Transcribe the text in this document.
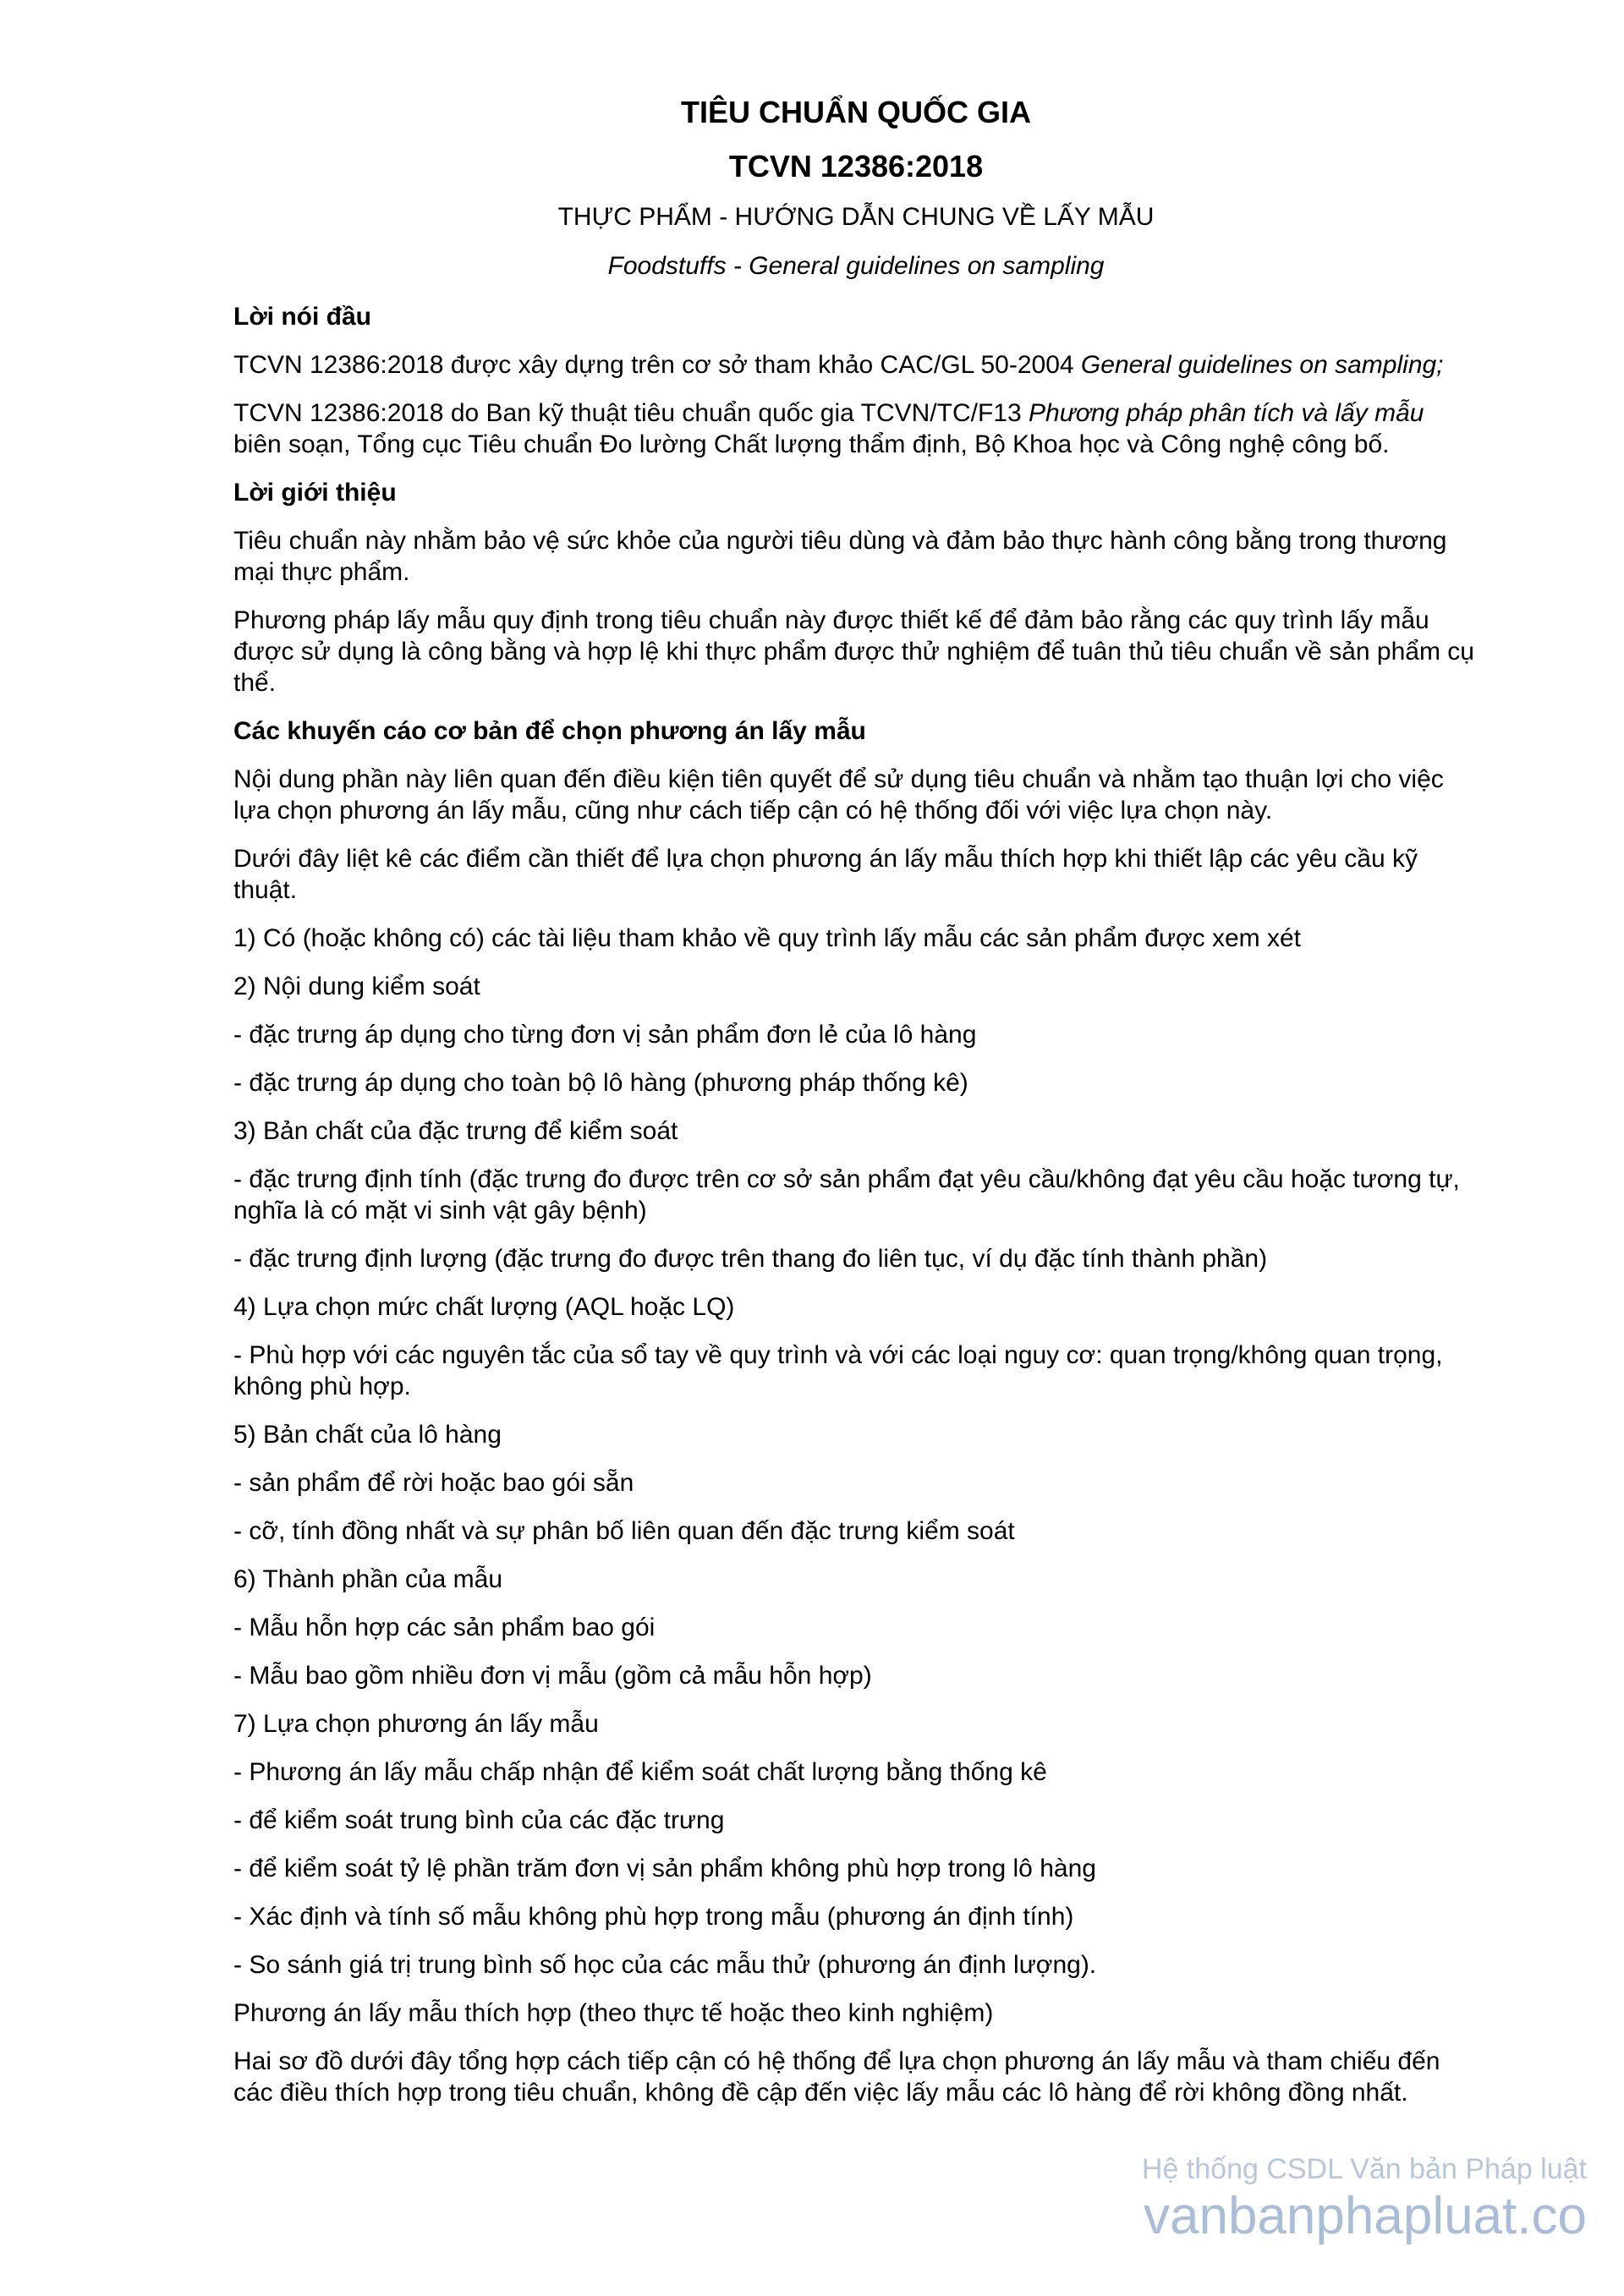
TIÊU CHUẨN QUỐC GIA
TCVN 12386:2018
THỰC PHẨM - HƯỚNG DẪN CHUNG VỀ LẤY MẪU
Foodstuffs - General guidelines on sampling

Lời nói đầu

TCVN 12386:2018 được xây dựng trên cơ sở tham khảo CAC/GL 50-2004 General guidelines on sampling;

TCVN 12386:2018 do Ban kỹ thuật tiêu chuẩn quốc gia TCVN/TC/F13 Phương pháp phân tích và lấy mẫu biên soạn, Tổng cục Tiêu chuẩn Đo lường Chất lượng thẩm định, Bộ Khoa học và Công nghệ công bố.

Lời giới thiệu

Tiêu chuẩn này nhằm bảo vệ sức khỏe của người tiêu dùng và đảm bảo thực hành công bằng trong thương mại thực phẩm.

Phương pháp lấy mẫu quy định trong tiêu chuẩn này được thiết kế để đảm bảo rằng các quy trình lấy mẫu được sử dụng là công bằng và hợp lệ khi thực phẩm được thử nghiệm để tuân thủ tiêu chuẩn về sản phẩm cụ thể.

Các khuyến cáo cơ bản để chọn phương án lấy mẫu

Nội dung phần này liên quan đến điều kiện tiên quyết để sử dụng tiêu chuẩn và nhằm tạo thuận lợi cho việc lựa chọn phương án lấy mẫu, cũng như cách tiếp cận có hệ thống đối với việc lựa chọn này.

Dưới đây liệt kê các điểm cần thiết để lựa chọn phương án lấy mẫu thích hợp khi thiết lập các yêu cầu kỹ thuật.

1) Có (hoặc không có) các tài liệu tham khảo về quy trình lấy mẫu các sản phẩm được xem xét

2) Nội dung kiểm soát

- đặc trưng áp dụng cho từng đơn vị sản phẩm đơn lẻ của lô hàng

- đặc trưng áp dụng cho toàn bộ lô hàng (phương pháp thống kê)

3) Bản chất của đặc trưng để kiểm soát

- đặc trưng định tính (đặc trưng đo được trên cơ sở sản phẩm đạt yêu cầu/không đạt yêu cầu hoặc tương tự, nghĩa là có mặt vi sinh vật gây bệnh)

- đặc trưng định lượng (đặc trưng đo được trên thang đo liên tục, ví dụ đặc tính thành phần)

4) Lựa chọn mức chất lượng (AQL hoặc LQ)

- Phù hợp với các nguyên tắc của sổ tay về quy trình và với các loại nguy cơ: quan trọng/không quan trọng, không phù hợp.

5) Bản chất của lô hàng

- sản phẩm để rời hoặc bao gói sẵn

- cỡ, tính đồng nhất và sự phân bố liên quan đến đặc trưng kiểm soát

6) Thành phần của mẫu

- Mẫu hỗn hợp các sản phẩm bao gói

- Mẫu bao gồm nhiều đơn vị mẫu (gồm cả mẫu hỗn hợp)

7) Lựa chọn phương án lấy mẫu

- Phương án lấy mẫu chấp nhận để kiểm soát chất lượng bằng thống kê

- để kiểm soát trung bình của các đặc trưng

- để kiểm soát tỷ lệ phần trăm đơn vị sản phẩm không phù hợp trong lô hàng

- Xác định và tính số mẫu không phù hợp trong mẫu (phương án định tính)

- So sánh giá trị trung bình số học của các mẫu thử (phương án định lượng).

Phương án lấy mẫu thích hợp (theo thực tế hoặc theo kinh nghiệm)

Hai sơ đồ dưới đây tổng hợp cách tiếp cận có hệ thống để lựa chọn phương án lấy mẫu và tham chiếu đến các điều thích hợp trong tiêu chuẩn, không đề cập đến việc lấy mẫu các lô hàng để rời không đồng nhất.

Hệ thống CSDL Văn bản Pháp luật
vanbanphapluat.co
